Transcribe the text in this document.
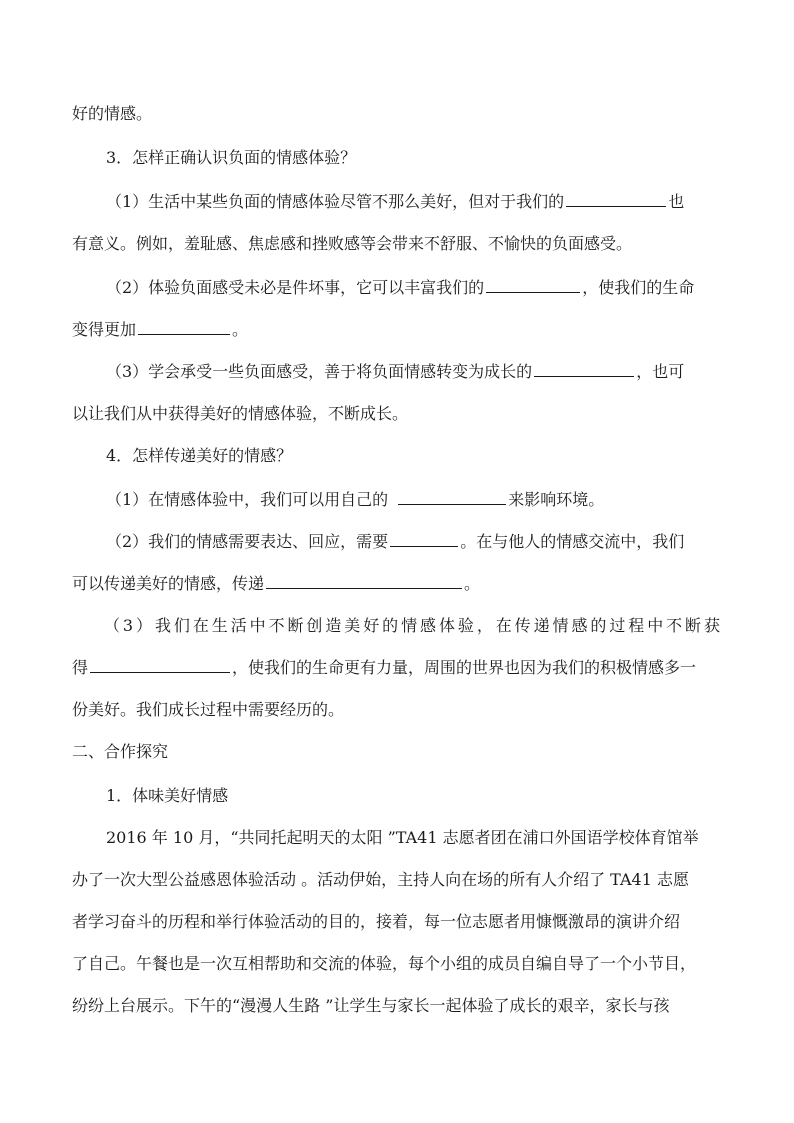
好的情感。
3．怎样正确认识负面的情感体验？
（1）生活中某些负面的情感体验尽管不那么美好，但对于我们的	也
有意义。例如，羞耻感、焦虑感和挫败感等会带来不舒服、不愉快的负面感受。
（2）体验负面感受未必是件坏事，它可以丰富我们的	，使我们的生命
变得更加	。
（3）学会承受一些负面感受，善于将负面情感转变为成长的	，也可
以让我们从中获得美好的情感体验，不断成长。
4．怎样传递美好的情感？
（1）在情感体验中，我们可以用自己的	来影响环境。
（2）我们的情感需要表达、回应，需要	。在与他人的情感交流中，我们
可以传递美好的情感，传递	。
（3）我们在生活中不断创造美好的情感体验，在传递情感的过程中不断获
得	，使我们的生命更有力量，周围的世界也因为我们的积极情感多一
份美好。我们成长过程中需要经历的。
二、合作探究
1．体味美好情感
2016 年 10 月，“共同托起明天的太阳 ”TA41 志愿者团在浦口外国语学校体育馆举
办了一次大型公益感恩体验活动 。活动伊始，主持人向在场的所有人介绍了 TA41 志愿
者学习奋斗的历程和举行体验活动的目的，接着，每一位志愿者用慷慨激昂的演讲介绍
了自己。午餐也是一次互相帮助和交流的体验，每个小组的成员自编自导了一个小节目，
纷纷上台展示。下午的“漫漫人生路 ”让学生与家长一起体验了成长的艰辛，家长与孩
